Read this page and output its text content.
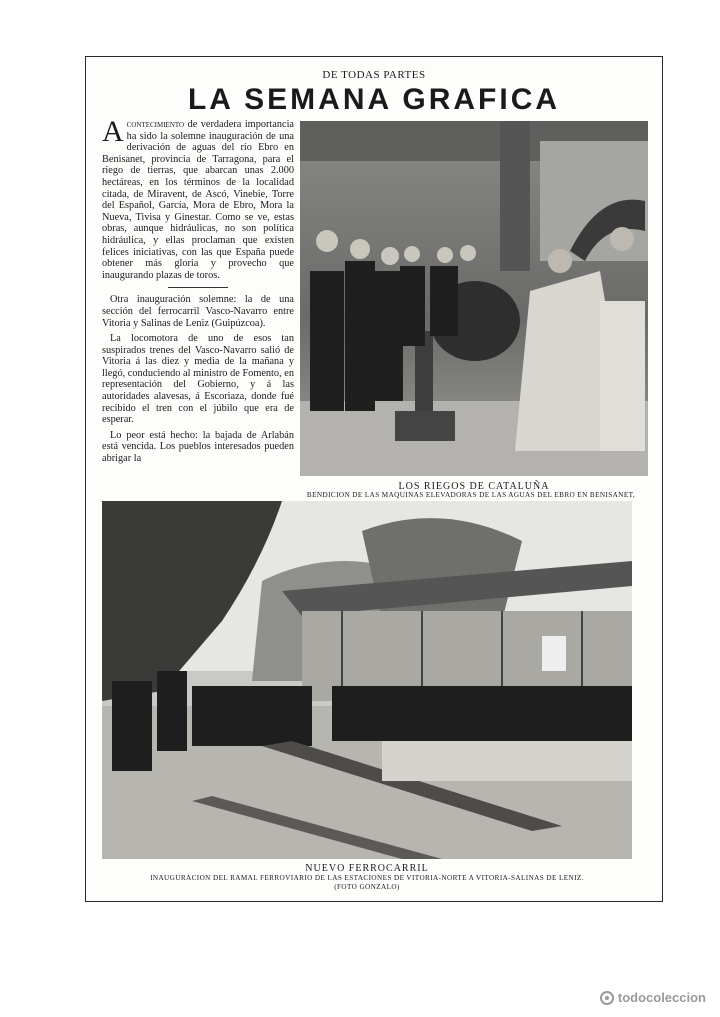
DE TODAS PARTES
LA SEMANA GRAFICA

Acontecimiento de verdadera importancia ha sido la solemne inauguración de una derivación de aguas del río Ebro en Benisanet, provincia de Tarragona, para el riego de tierras, que abarcan unas 2.000 hectáreas, en los términos de la localidad citada, de Miravent, de Ascó, Vinebie, Torre del Español, García, Mora de Ebro, Mora la Nueva, Tivisa y Ginestar. Como se ve, estas obras, aunque hidráulicas, no son política hidráulica, y ellas proclaman que existen felices iniciativas, con las que España puede obtener más gloria y provecho que inaugurando plazas de toros.

Otra inauguración solemne: la de una sección del ferrocarril Vasco-Navarro entre Vitoria y Salinas de Leniz (Guipúzcoa).

La locomotora de uno de esos tan suspirados trenes del Vasco-Navarro salió de Vitoria á las diez y media de la mañana y llegó, conduciendo al ministro de Fomento, en representación del Gobierno, y á las autoridades alavesas, á Escoriaza, donde fué recibido el tren con el júbilo que era de esperar.

Lo peor está hecho: la bajada de Arlabán está vencida. Los pueblos interesados pueden abrigar la

LOS RIEGOS DE CATALUÑA
BENDICION DE LAS MAQUINAS ELEVADORAS DE LAS AGUAS DEL EBRO EN BENISANET,
NUEVO FERROCARRIL
INAUGURACION DEL RAMAL FERROVIARIO DE LAS ESTACIONES DE VITORIA-NORTE A VITORIA-SALINAS DE LENIZ.
(FOTO GONZALO)
todocoleccion
